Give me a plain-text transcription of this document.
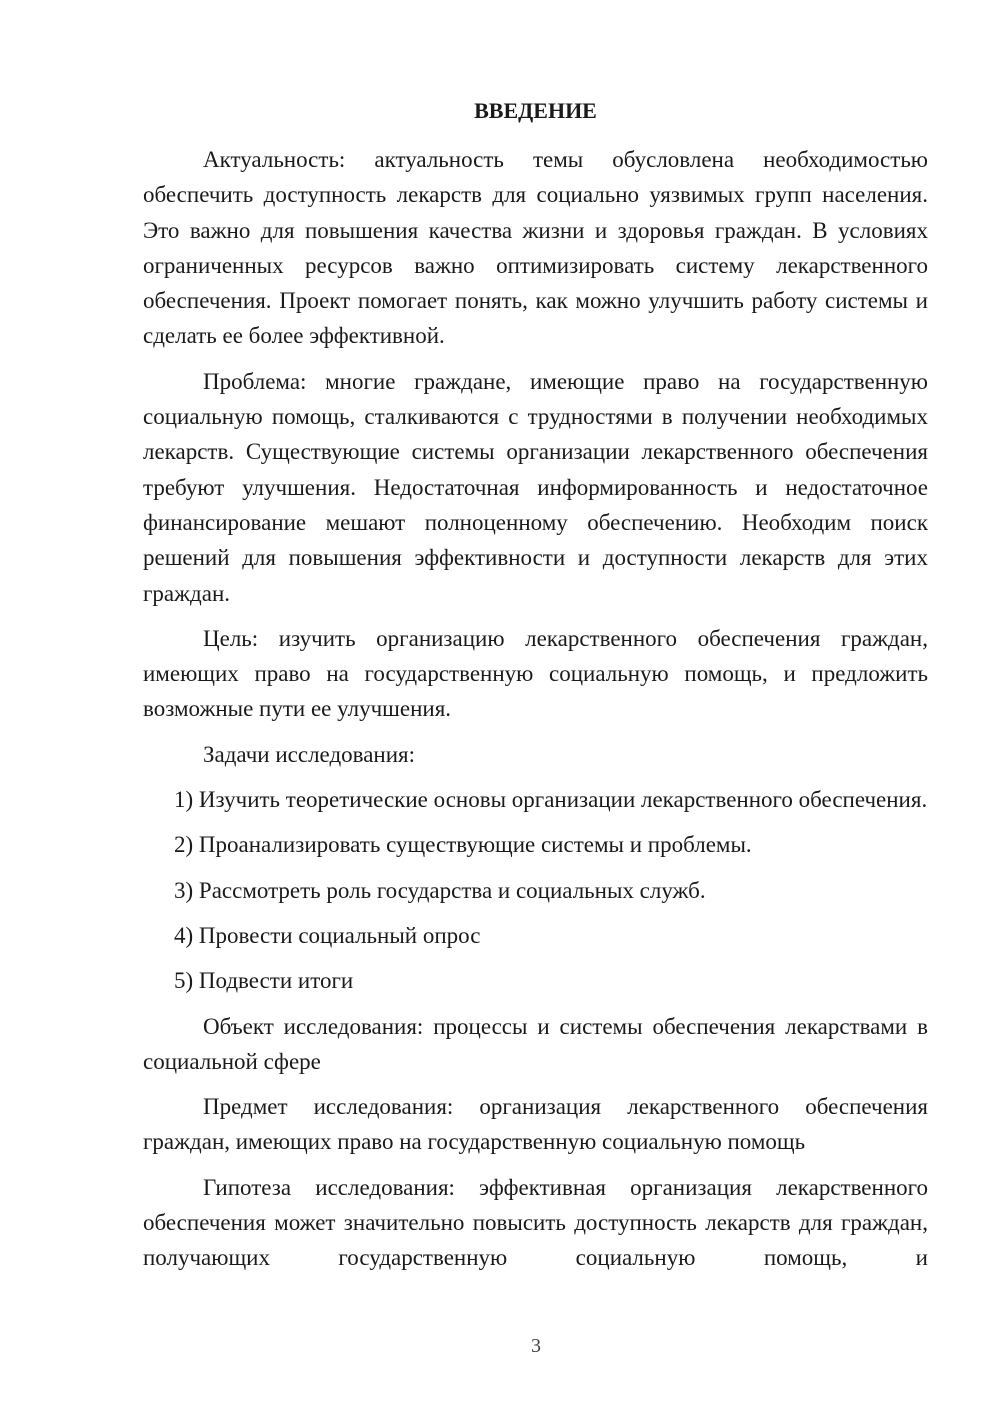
ВВЕДЕНИЕ

Актуальность: актуальность темы обусловлена необходимостью обеспечить доступность лекарств для социально уязвимых групп населения. Это важно для повышения качества жизни и здоровья граждан. В условиях ограниченных ресурсов важно оптимизировать систему лекарственного обеспечения. Проект помогает понять, как можно улучшить работу системы и сделать ее более эффективной.

Проблема: многие граждане, имеющие право на государственную социальную помощь, сталкиваются с трудностями в получении необходимых лекарств. Существующие системы организации лекарственного обеспечения требуют улучшения. Недостаточная информированность и недостаточное финансирование мешают полноценному обеспечению. Необходим поиск решений для повышения эффективности и доступности лекарств для этих граждан.

Цель: изучить организацию лекарственного обеспечения граждан, имеющих право на государственную социальную помощь, и предложить возможные пути ее улучшения.

Задачи исследования:

1) Изучить теоретические основы организации лекарственного обеспечения.

2) Проанализировать существующие системы и проблемы.

3) Рассмотреть роль государства и социальных служб.

4) Провести социальный опрос

5) Подвести итоги

Объект исследования: процессы и системы обеспечения лекарствами в социальной сфере

Предмет исследования: организация лекарственного обеспечения граждан, имеющих право на государственную социальную помощь

Гипотеза исследования: эффективная организация лекарственного обеспечения может значительно повысить доступность лекарств для граждан, получающих государственную социальную помощь, и

3
